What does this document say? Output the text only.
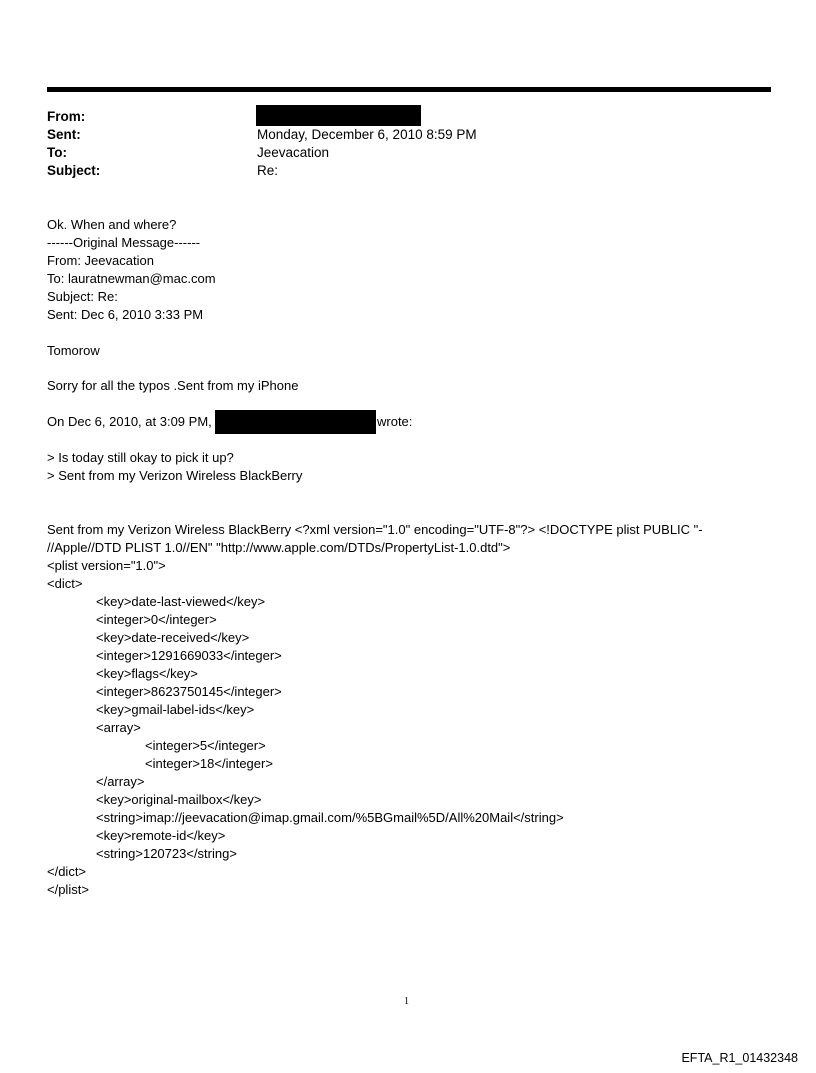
From:
Sent:	Monday, December 6, 2010 8:59 PM
To:	Jeevacation
Subject:	Re:
Ok. When and where?
------Original Message------
From: Jeevacation
To: lauratnewman@mac.com
Subject: Re:
Sent: Dec 6, 2010 3:33 PM
Tomorow
Sorry for all the typos .Sent from my iPhone
On Dec 6, 2010, at 3:09 PM,	wrote:
> Is today still okay to pick it up?
> Sent from my Verizon Wireless BlackBerry
Sent from my Verizon Wireless BlackBerry <?xml version="1.0" encoding="UTF-8"?> <!DOCTYPE plist PUBLIC "-
//Apple//DTD PLIST 1.0//EN" "http://www.apple.com/DTDs/PropertyList-1.0.dtd">
<plist version="1.0">
<dict>
<key>date-last-viewed</key>
<integer>0</integer>
<key>date-received</key>
<integer>1291669033</integer>
<key>flags</key>
<integer>8623750145</integer>
<key>gmail-label-ids</key>
<array>
<integer>5</integer>
<integer>18</integer>
</array>
<key>original-mailbox</key>
<string>imap://jeevacation@imap.gmail.com/%5BGmail%5D/All%20Mail</string>
<key>remote-id</key>
<string>120723</string>
</dict>
</plist>
1
EFTA_R1_01432348
